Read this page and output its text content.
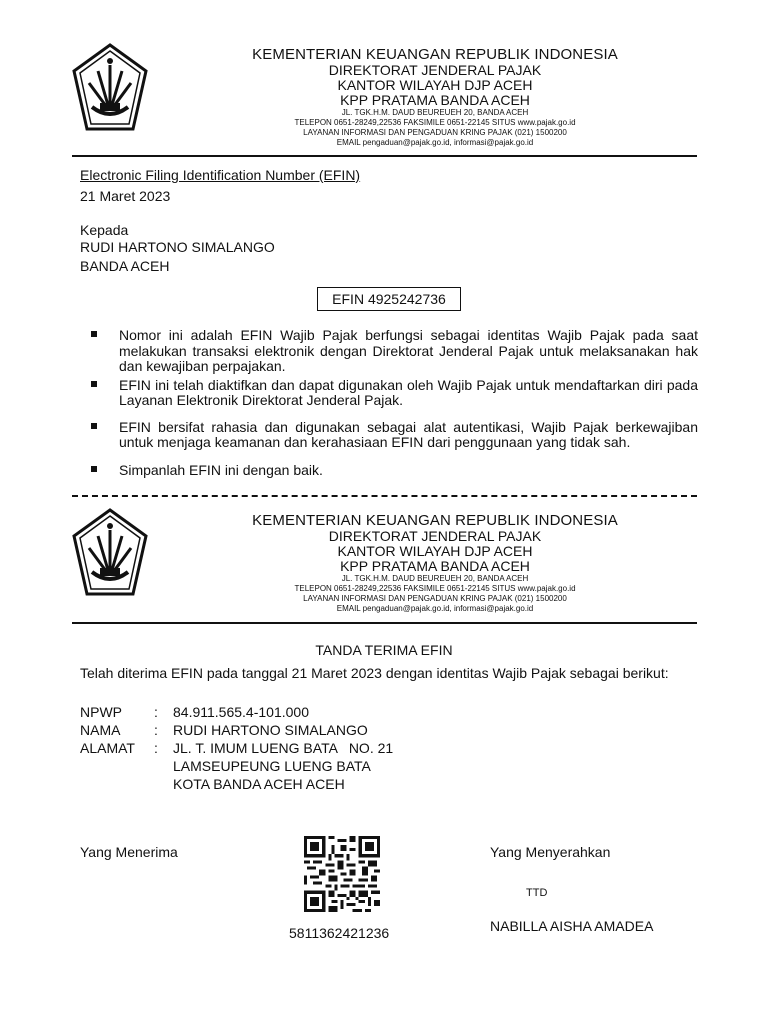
KEMENTERIAN KEUANGAN REPUBLIK INDONESIA
DIREKTORAT JENDERAL PAJAK
KANTOR WILAYAH DJP ACEH
KPP PRATAMA BANDA ACEH
JL. TGK.H.M. DAUD BEUREUEH 20, BANDA ACEH
TELEPON 0651-28249,22536 FAKSIMILE 0651-22145 SITUS www.pajak.go.id
LAYANAN INFORMASI DAN PENGADUAN KRING PAJAK (021) 1500200
EMAIL pengaduan@pajak.go.id, informasi@pajak.go.id
Electronic Filing Identification Number (EFIN)
21 Maret 2023
Kepada
RUDI HARTONO SIMALANGO
BANDA ACEH
EFIN 4925242736
Nomor ini adalah EFIN Wajib Pajak berfungsi sebagai identitas Wajib Pajak pada saat melakukan transaksi elektronik dengan Direktorat Jenderal Pajak untuk melaksanakan hak dan kewajiban perpajakan.
EFIN ini telah diaktifkan dan dapat digunakan oleh Wajib Pajak untuk mendaftarkan diri pada Layanan Elektronik Direktorat Jenderal Pajak.
EFIN bersifat rahasia dan digunakan sebagai alat autentikasi, Wajib Pajak berkewajiban untuk menjaga keamanan dan kerahasiaan EFIN dari penggunaan yang tidak sah.
Simpanlah EFIN ini dengan baik.
KEMENTERIAN KEUANGAN REPUBLIK INDONESIA
DIREKTORAT JENDERAL PAJAK
KANTOR WILAYAH DJP ACEH
KPP PRATAMA BANDA ACEH
JL. TGK.H.M. DAUD BEUREUEH 20, BANDA ACEH
TELEPON 0651-28249,22536 FAKSIMILE 0651-22145 SITUS www.pajak.go.id
LAYANAN INFORMASI DAN PENGADUAN KRING PAJAK (021) 1500200
EMAIL pengaduan@pajak.go.id, informasi@pajak.go.id
TANDA TERIMA EFIN
Telah diterima EFIN pada tanggal 21 Maret 2023 dengan identitas Wajib Pajak sebagai berikut:
NPWP : 84.911.565.4-101.000
NAMA : RUDI HARTONO SIMALANGO
ALAMAT : JL. T. IMUM LUENG BATA   NO. 21
LAMSEUPEUNG LUENG BATA
KOTA BANDA ACEH ACEH
Yang Menerima
5811362421236
Yang Menyerahkan
TTD
NABILLA AISHA AMADEA
